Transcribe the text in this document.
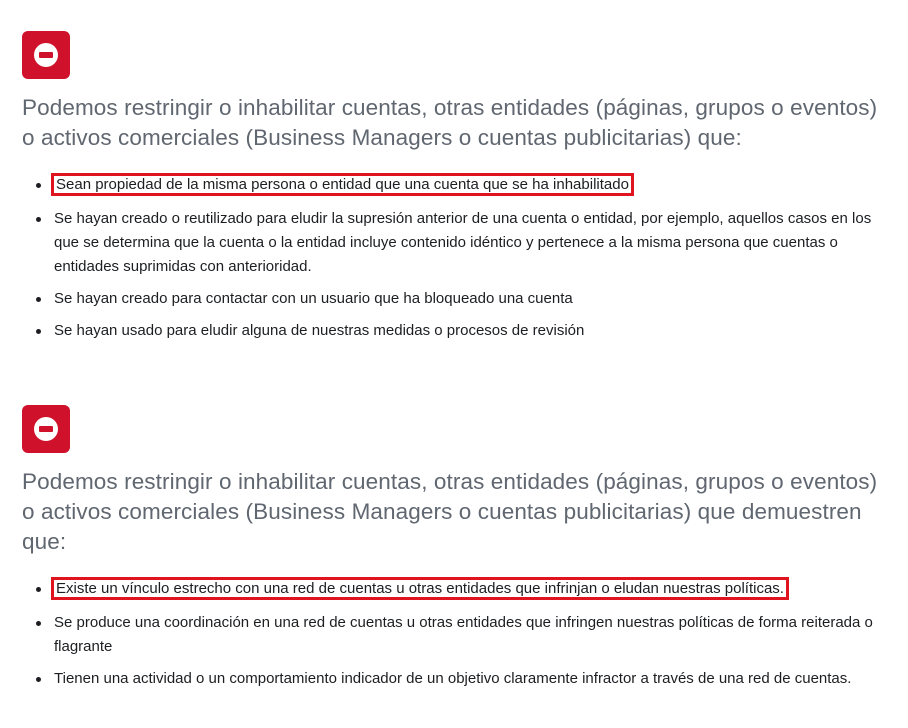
Podemos restringir o inhabilitar cuentas, otras entidades (páginas, grupos o eventos) o activos comerciales (Business Managers o cuentas publicitarias) que:
Sean propiedad de la misma persona o entidad que una cuenta que se ha inhabilitado
Se hayan creado o reutilizado para eludir la supresión anterior de una cuenta o entidad, por ejemplo, aquellos casos en los que se determina que la cuenta o la entidad incluye contenido idéntico y pertenece a la misma persona que cuentas o entidades suprimidas con anterioridad.
Se hayan creado para contactar con un usuario que ha bloqueado una cuenta
Se hayan usado para eludir alguna de nuestras medidas o procesos de revisión
Podemos restringir o inhabilitar cuentas, otras entidades (páginas, grupos o eventos) o activos comerciales (Business Managers o cuentas publicitarias) que demuestren que:
Existe un vínculo estrecho con una red de cuentas u otras entidades que infrinjan o eludan nuestras políticas.
Se produce una coordinación en una red de cuentas u otras entidades que infringen nuestras políticas de forma reiterada o flagrante
Tienen una actividad o un comportamiento indicador de un objetivo claramente infractor a través de una red de cuentas.
